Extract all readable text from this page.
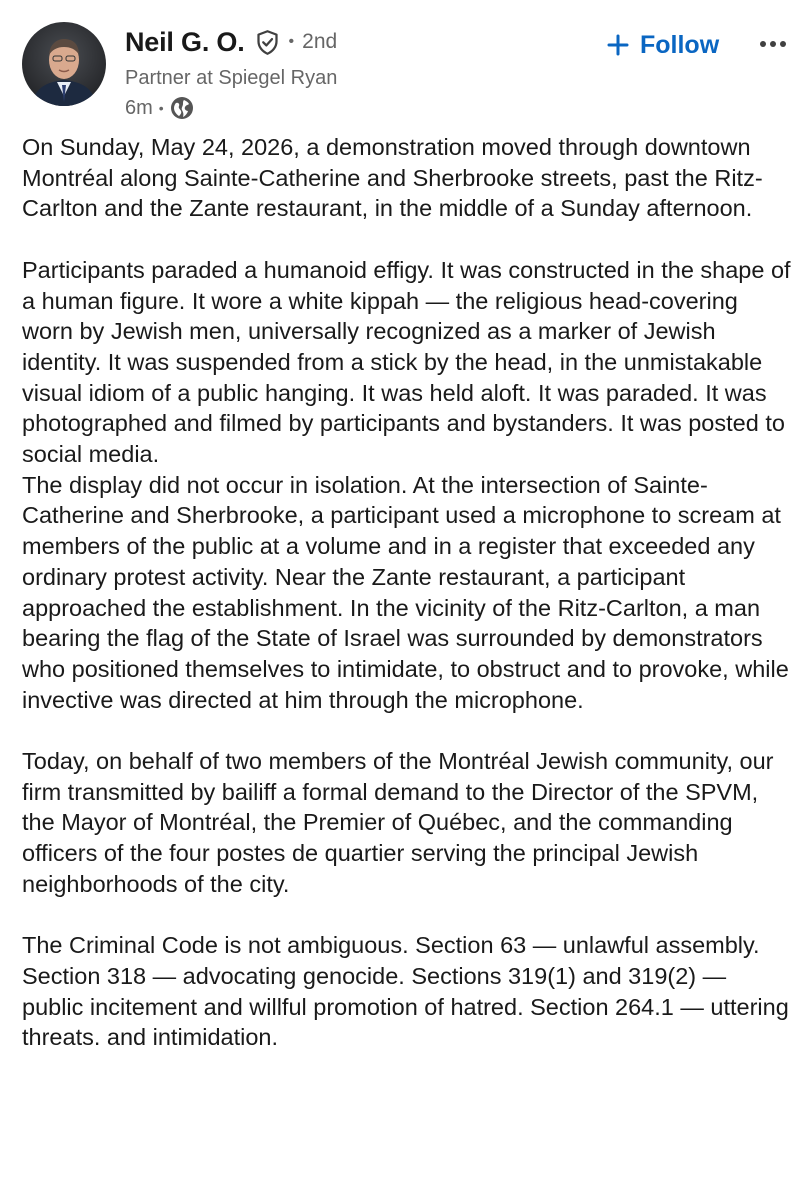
Neil G. O.	• 2nd
Partner at Spiegel Ryan
6m •
Follow

On Sunday, May 24, 2026, a demonstration moved through downtown Montréal along Sainte-Catherine and Sherbrooke streets, past the Ritz-Carlton and the Zante restaurant, in the middle of a Sunday afternoon.

Participants paraded a humanoid effigy. It was constructed in the shape of a human figure. It wore a white kippah — the religious head-covering worn by Jewish men, universally recognized as a marker of Jewish identity. It was suspended from a stick by the head, in the unmistakable visual idiom of a public hanging. It was held aloft. It was paraded. It was photographed and filmed by participants and bystanders. It was posted to social media.

The display did not occur in isolation. At the intersection of Sainte-Catherine and Sherbrooke, a participant used a microphone to scream at members of the public at a volume and in a register that exceeded any ordinary protest activity. Near the Zante restaurant, a participant approached the establishment. In the vicinity of the Ritz-Carlton, a man bearing the flag of the State of Israel was surrounded by demonstrators who positioned themselves to intimidate, to obstruct and to provoke, while invective was directed at him through the microphone.

Today, on behalf of two members of the Montréal Jewish community, our firm transmitted by bailiff a formal demand to the Director of the SPVM, the Mayor of Montréal, the Premier of Québec, and the commanding officers of the four postes de quartier serving the principal Jewish neighborhoods of the city.

The Criminal Code is not ambiguous. Section 63 — unlawful assembly. Section 318 — advocating genocide. Sections 319(1) and 319(2) — public incitement and willful promotion of hatred. Section 264.1 — uttering threats. and intimidation.
